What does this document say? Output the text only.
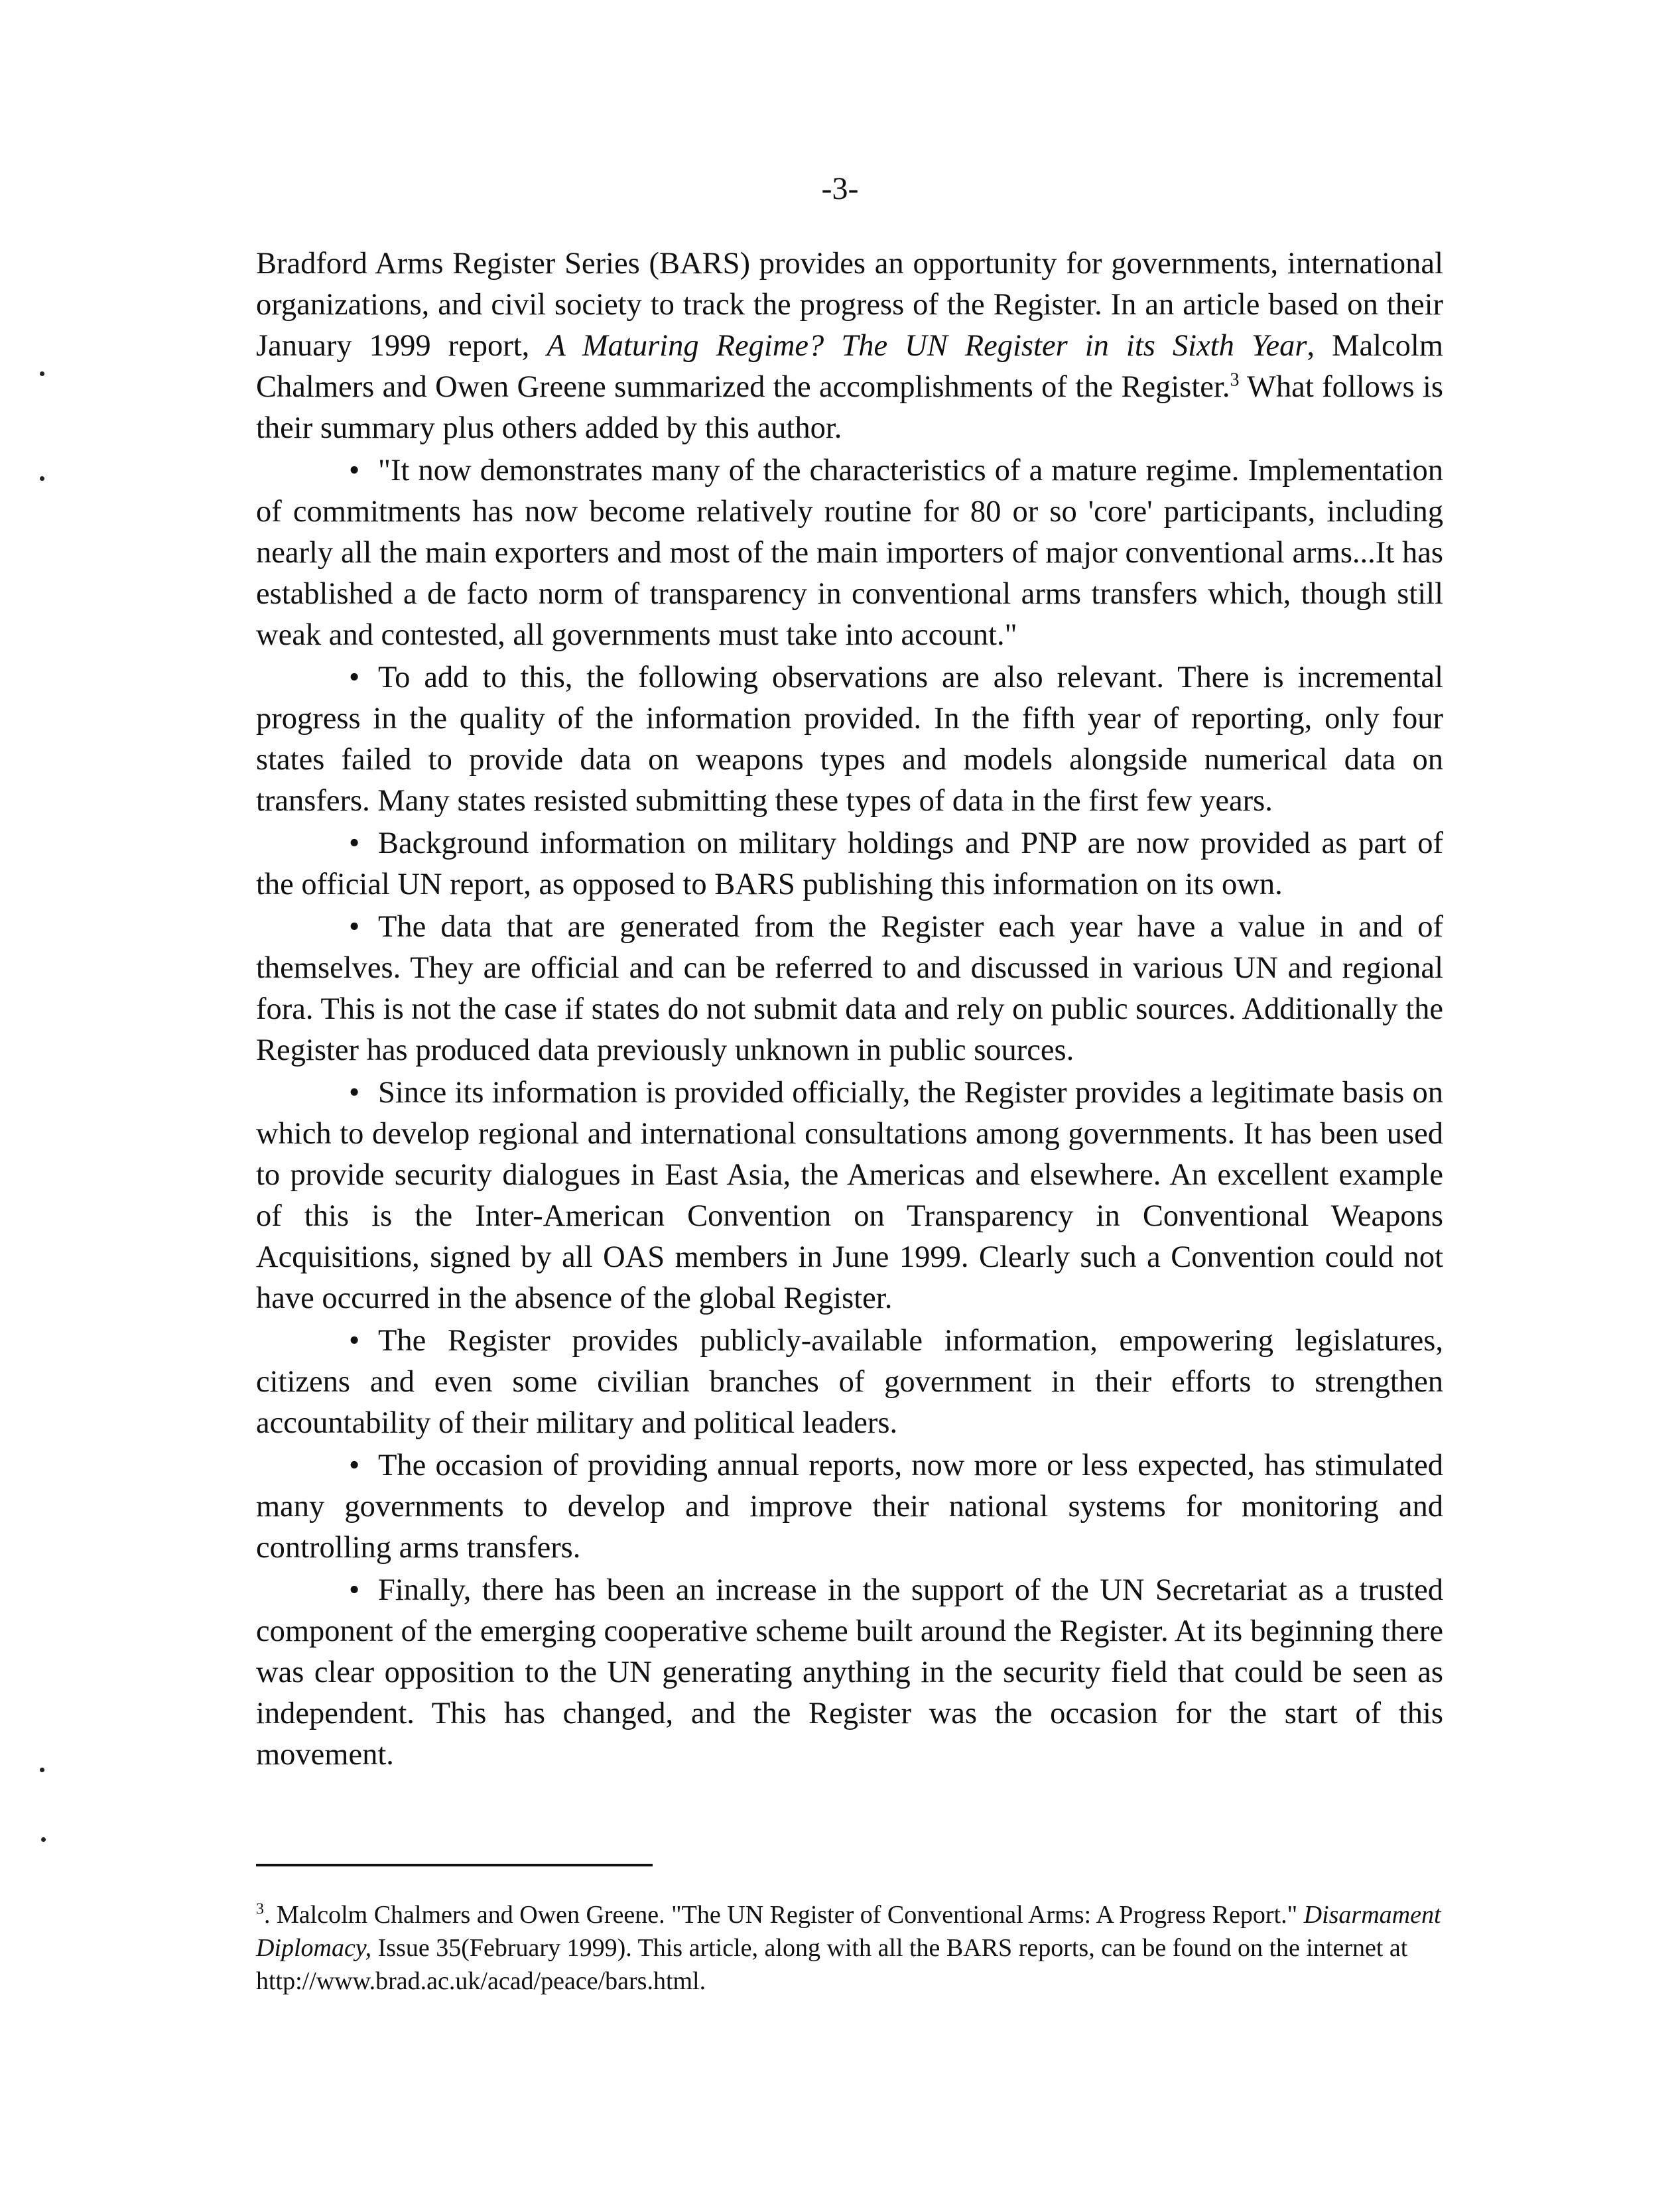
-3-

Bradford Arms Register Series (BARS) provides an opportunity for governments, international organizations, and civil society to track the progress of the Register. In an article based on their January 1999 report, A Maturing Regime? The UN Register in its Sixth Year, Malcolm Chalmers and Owen Greene summarized the accomplishments of the Register.$^3$ What follows is their summary plus others added by this author.

• "It now demonstrates many of the characteristics of a mature regime. Implementation of commitments has now become relatively routine for 80 or so 'core' participants, including nearly all the main exporters and most of the main importers of major conventional arms...It has established a de facto norm of transparency in conventional arms transfers which, though still weak and contested, all governments must take into account."

• To add to this, the following observations are also relevant. There is incremental progress in the quality of the information provided. In the fifth year of reporting, only four states failed to provide data on weapons types and models alongside numerical data on transfers. Many states resisted submitting these types of data in the first few years.

• Background information on military holdings and PNP are now provided as part of the official UN report, as opposed to BARS publishing this information on its own.

• The data that are generated from the Register each year have a value in and of themselves. They are official and can be referred to and discussed in various UN and regional fora. This is not the case if states do not submit data and rely on public sources. Additionally the Register has produced data previously unknown in public sources.

• Since its information is provided officially, the Register provides a legitimate basis on which to develop regional and international consultations among governments. It has been used to provide security dialogues in East Asia, the Americas and elsewhere. An excellent example of this is the Inter-American Convention on Transparency in Conventional Weapons Acquisitions, signed by all OAS members in June 1999. Clearly such a Convention could not have occurred in the absence of the global Register.

• The Register provides publicly-available information, empowering legislatures, citizens and even some civilian branches of government in their efforts to strengthen accountability of their military and political leaders.

• The occasion of providing annual reports, now more or less expected, has stimulated many governments to develop and improve their national systems for monitoring and controlling arms transfers.

• Finally, there has been an increase in the support of the UN Secretariat as a trusted component of the emerging cooperative scheme built around the Register. At its beginning there was clear opposition to the UN generating anything in the security field that could be seen as independent. This has changed, and the Register was the occasion for the start of this movement.

$^3$. Malcolm Chalmers and Owen Greene. "The UN Register of Conventional Arms: A Progress Report." Disarmament Diplomacy, Issue 35(February 1999). This article, along with all the BARS reports, can be found on the internet at http://www.brad.ac.uk/acad/peace/bars.html.
